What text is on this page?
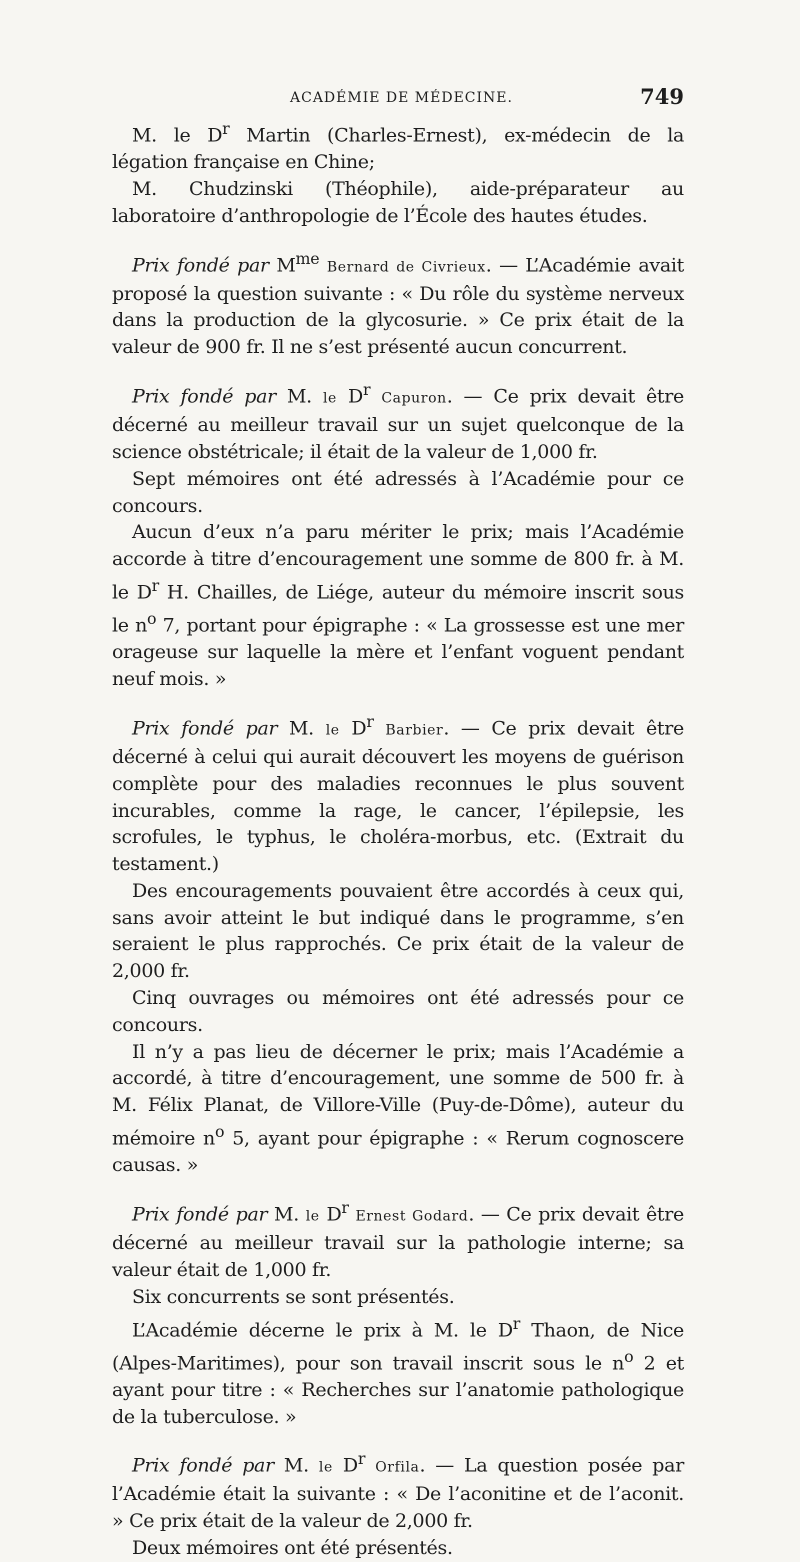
ACADÉMIE DE MÉDECINE.	749

M. le $D^r$ Martin (Charles-Ernest), ex-médecin de la légation française en Chine;

M. Chudzinski (Théophile), aide-préparateur au laboratoire d’anthropologie de l’École des hautes études.

Prix fondé par $M^{me}$ Bernard de Civrieux. — L’Académie avait proposé la question suivante : « Du rôle du système nerveux dans la production de la glycosurie. » Ce prix était de la valeur de 900 fr. Il ne s’est présenté aucun concurrent.

Prix fondé par M. le $D^r$ Capuron. — Ce prix devait être décerné au meilleur travail sur un sujet quelconque de la science obstétricale; il était de la valeur de 1,000 fr.

Sept mémoires ont été adressés à l’Académie pour ce concours.

Aucun d’eux n’a paru mériter le prix; mais l’Académie accorde à titre d’encouragement une somme de 800 fr. à M. le $D^r$ H. Chailles, de Liége, auteur du mémoire inscrit sous le $n^o$ 7, portant pour épigraphe : « La grossesse est une mer orageuse sur laquelle la mère et l’enfant voguent pendant neuf mois. »

Prix fondé par M. le $D^r$ Barbier. — Ce prix devait être décerné à celui qui aurait découvert les moyens de guérison complète pour des maladies reconnues le plus souvent incurables, comme la rage, le cancer, l’épilepsie, les scrofules, le typhus, le choléra-morbus, etc. (Extrait du testament.)

Des encouragements pouvaient être accordés à ceux qui, sans avoir atteint le but indiqué dans le programme, s’en seraient le plus rapprochés. Ce prix était de la valeur de 2,000 fr.

Cinq ouvrages ou mémoires ont été adressés pour ce concours.

Il n’y a pas lieu de décerner le prix; mais l’Académie a accordé, à titre d’encouragement, une somme de 500 fr. à M. Félix Planat, de Villore-Ville (Puy-de-Dôme), auteur du mémoire $n^o$ 5, ayant pour épigraphe : « Rerum cognoscere causas. »

Prix fondé par M. le $D^r$ Ernest Godard. — Ce prix devait être décerné au meilleur travail sur la pathologie interne; sa valeur était de 1,000 fr.

Six concurrents se sont présentés.

L’Académie décerne le prix à M. le $D^r$ Thaon, de Nice (Alpes-Maritimes), pour son travail inscrit sous le $n^o$ 2 et ayant pour titre : « Recherches sur l’anatomie pathologique de la tuberculose. »

Prix fondé par M. le $D^r$ Orfila. — La question posée par l’Académie était la suivante : « De l’aconitine et de l’aconit. » Ce prix était de la valeur de 2,000 fr.

Deux mémoires ont été présentés.
